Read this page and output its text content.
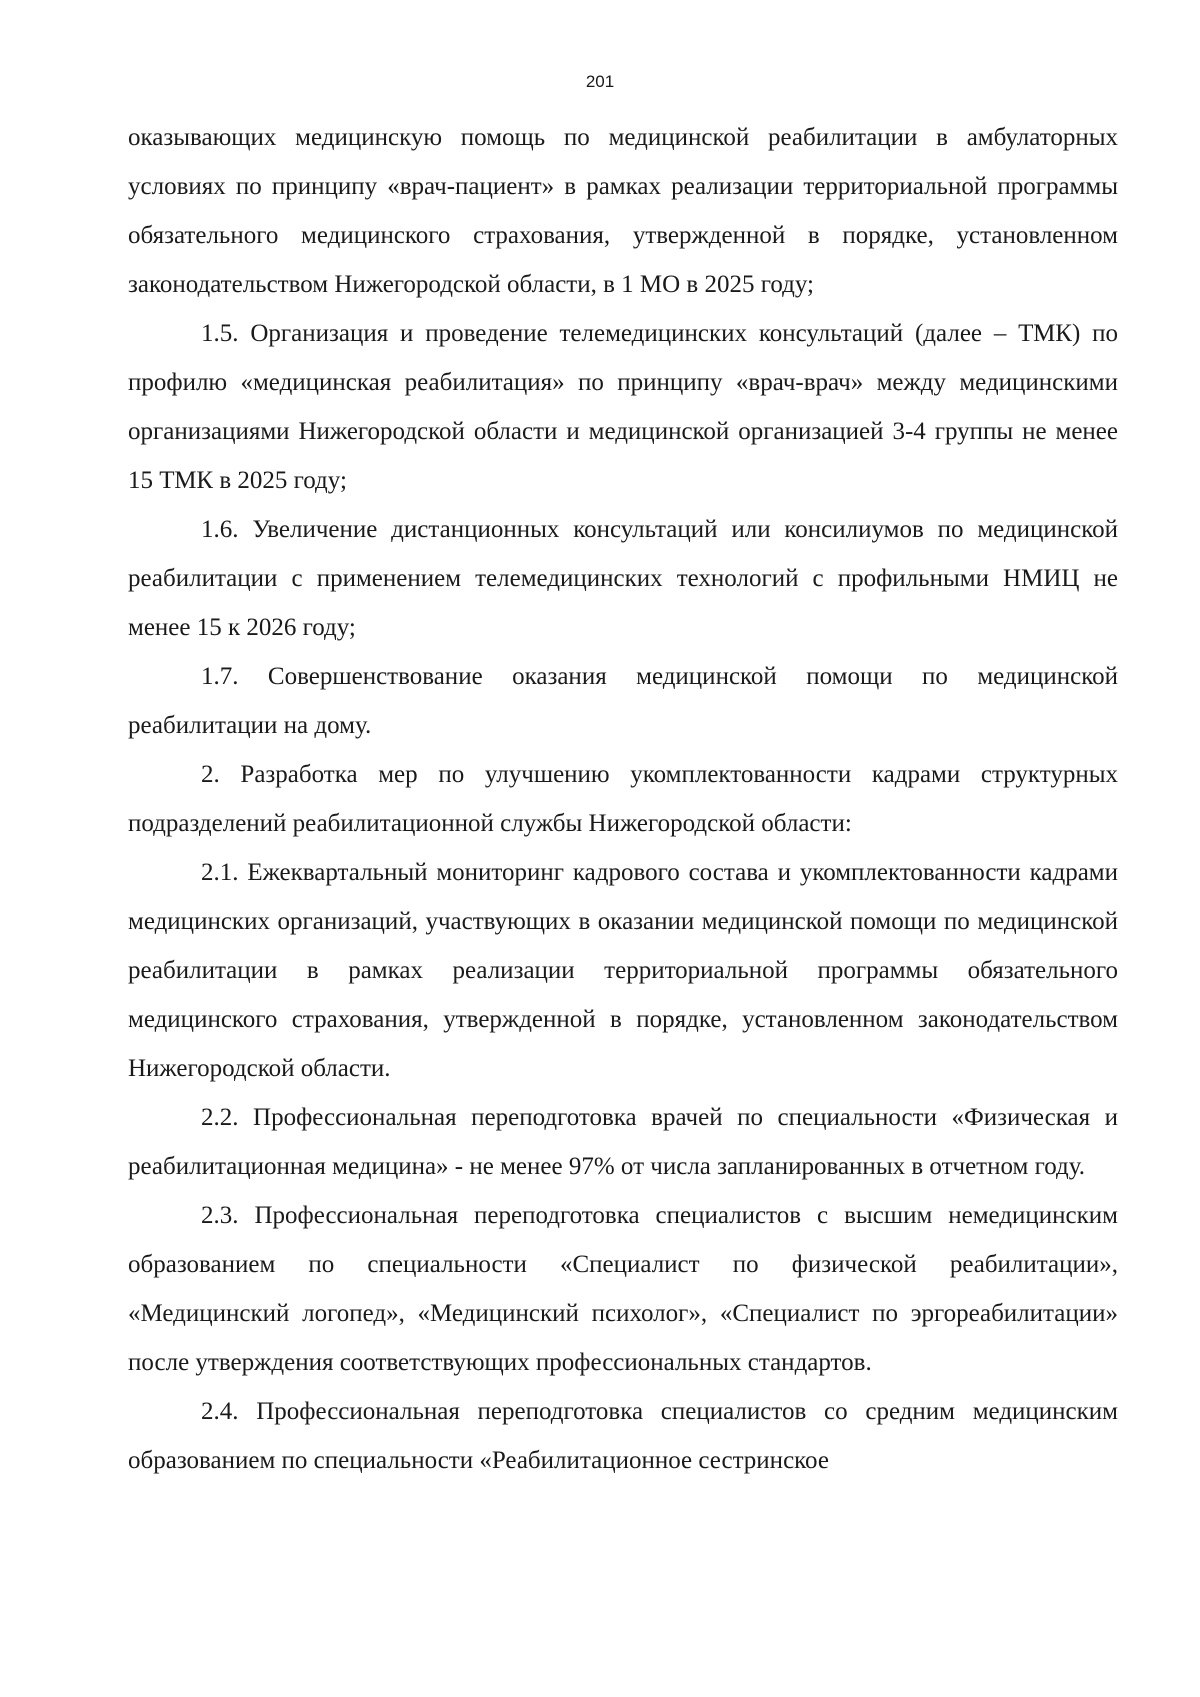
201

оказывающих медицинскую помощь по медицинской реабилитации в амбулаторных условиях по принципу «врач-пациент» в рамках реализации территориальной программы обязательного медицинского страхования, утвержденной в порядке, установленном законодательством Нижегородской области, в 1 МО в 2025 году;

1.5. Организация и проведение телемедицинских консультаций (далее – ТМК) по профилю «медицинская реабилитация» по принципу «врач-врач» между медицинскими организациями Нижегородской области и медицинской организацией 3-4 группы не менее 15 ТМК в 2025 году;

1.6. Увеличение дистанционных консультаций или консилиумов по медицинской реабилитации с применением телемедицинских технологий с профильными НМИЦ не менее 15 к 2026 году;

1.7. Совершенствование оказания медицинской помощи по медицинской реабилитации на дому.

2. Разработка мер по улучшению укомплектованности кадрами структурных подразделений реабилитационной службы Нижегородской области:

2.1. Ежеквартальный мониторинг кадрового состава и укомплектованности кадрами медицинских организаций, участвующих в оказании медицинской помощи по медицинской реабилитации в рамках реализации территориальной программы обязательного медицинского страхования, утвержденной в порядке, установленном законодательством Нижегородской области.

2.2. Профессиональная переподготовка врачей по специальности «Физическая и реабилитационная медицина» - не менее 97% от числа запланированных в отчетном году.

2.3. Профессиональная переподготовка специалистов с высшим немедицинским образованием по специальности «Специалист по физической реабилитации», «Медицинский логопед», «Медицинский психолог», «Специалист по эргореабилитации» после утверждения соответствующих профессиональных стандартов.

2.4. Профессиональная переподготовка специалистов со средним медицинским образованием по специальности «Реабилитационное сестринское
